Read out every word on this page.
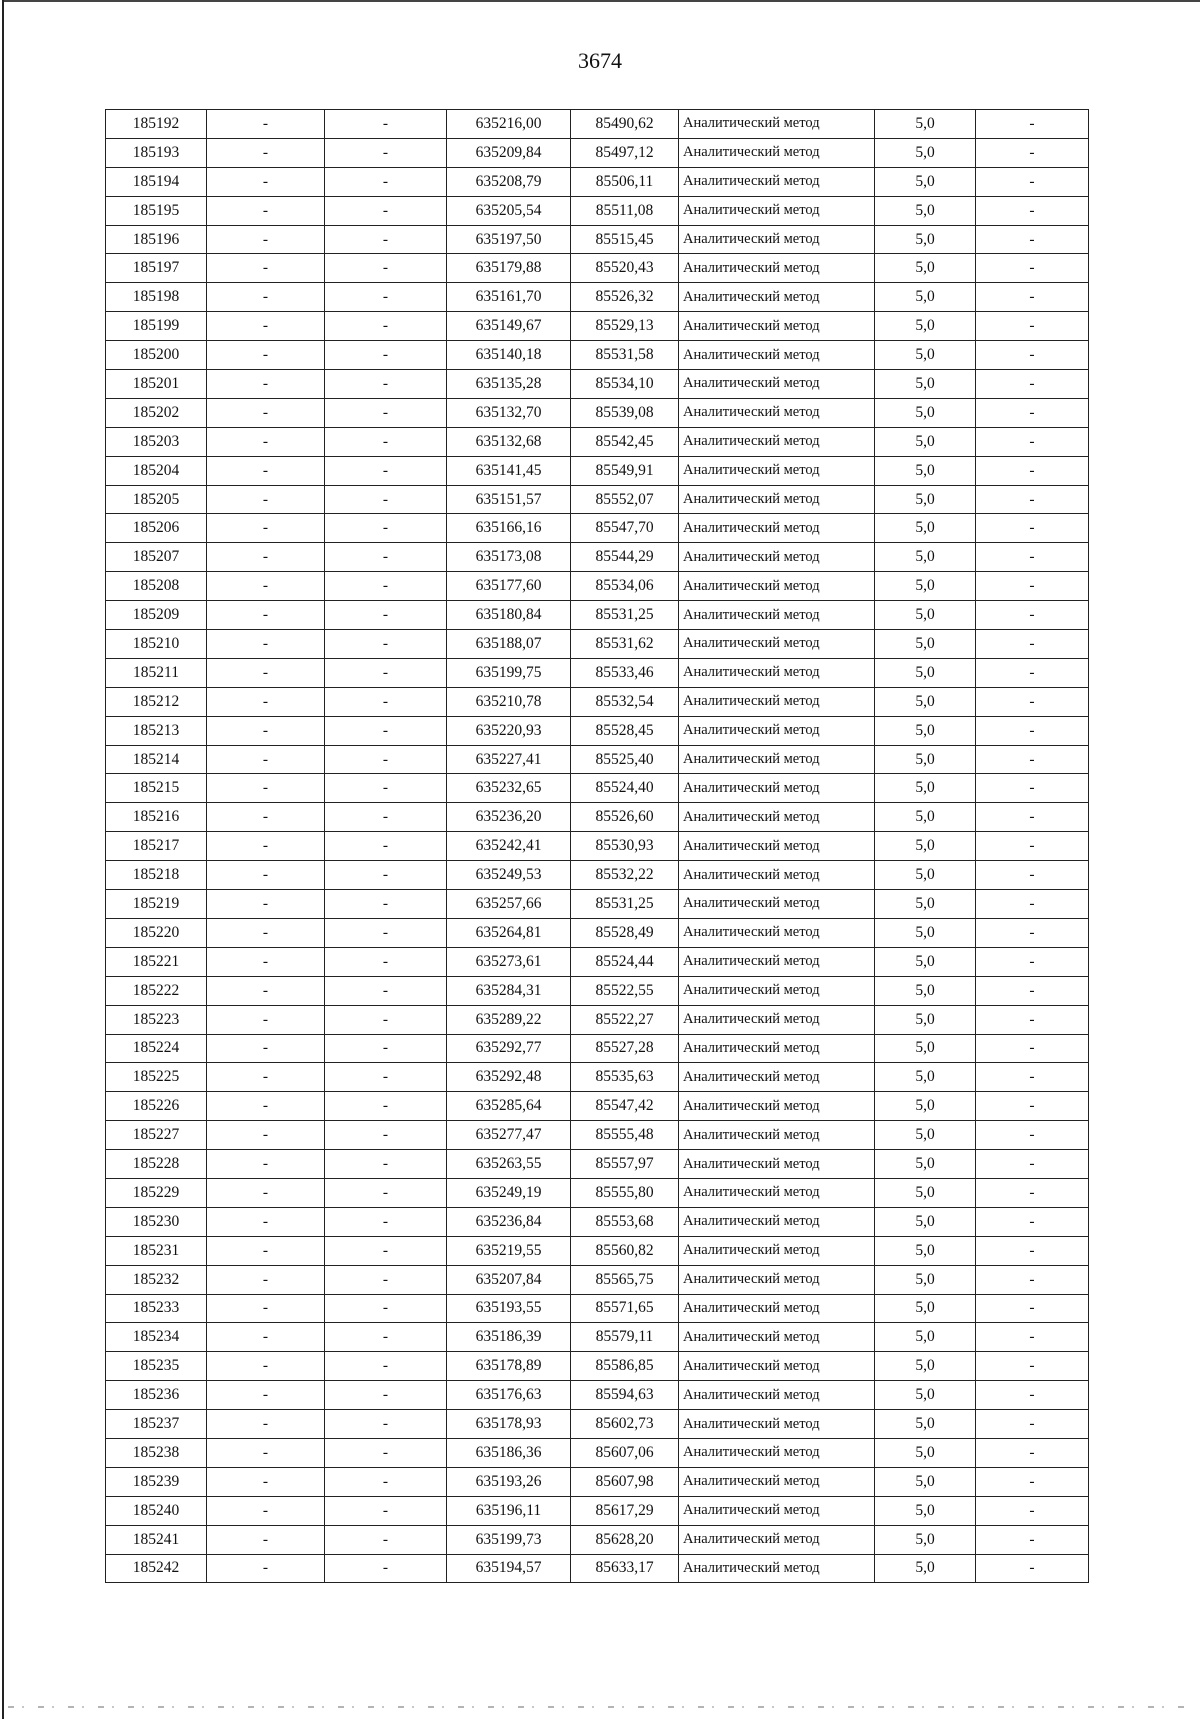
3674
185192	-	-	635216,00	85490,62	Аналитический метод	5,0	-
185193	-	-	635209,84	85497,12	Аналитический метод	5,0	-
185194	-	-	635208,79	85506,11	Аналитический метод	5,0	-
185195	-	-	635205,54	85511,08	Аналитический метод	5,0	-
185196	-	-	635197,50	85515,45	Аналитический метод	5,0	-
185197	-	-	635179,88	85520,43	Аналитический метод	5,0	-
185198	-	-	635161,70	85526,32	Аналитический метод	5,0	-
185199	-	-	635149,67	85529,13	Аналитический метод	5,0	-
185200	-	-	635140,18	85531,58	Аналитический метод	5,0	-
185201	-	-	635135,28	85534,10	Аналитический метод	5,0	-
185202	-	-	635132,70	85539,08	Аналитический метод	5,0	-
185203	-	-	635132,68	85542,45	Аналитический метод	5,0	-
185204	-	-	635141,45	85549,91	Аналитический метод	5,0	-
185205	-	-	635151,57	85552,07	Аналитический метод	5,0	-
185206	-	-	635166,16	85547,70	Аналитический метод	5,0	-
185207	-	-	635173,08	85544,29	Аналитический метод	5,0	-
185208	-	-	635177,60	85534,06	Аналитический метод	5,0	-
185209	-	-	635180,84	85531,25	Аналитический метод	5,0	-
185210	-	-	635188,07	85531,62	Аналитический метод	5,0	-
185211	-	-	635199,75	85533,46	Аналитический метод	5,0	-
185212	-	-	635210,78	85532,54	Аналитический метод	5,0	-
185213	-	-	635220,93	85528,45	Аналитический метод	5,0	-
185214	-	-	635227,41	85525,40	Аналитический метод	5,0	-
185215	-	-	635232,65	85524,40	Аналитический метод	5,0	-
185216	-	-	635236,20	85526,60	Аналитический метод	5,0	-
185217	-	-	635242,41	85530,93	Аналитический метод	5,0	-
185218	-	-	635249,53	85532,22	Аналитический метод	5,0	-
185219	-	-	635257,66	85531,25	Аналитический метод	5,0	-
185220	-	-	635264,81	85528,49	Аналитический метод	5,0	-
185221	-	-	635273,61	85524,44	Аналитический метод	5,0	-
185222	-	-	635284,31	85522,55	Аналитический метод	5,0	-
185223	-	-	635289,22	85522,27	Аналитический метод	5,0	-
185224	-	-	635292,77	85527,28	Аналитический метод	5,0	-
185225	-	-	635292,48	85535,63	Аналитический метод	5,0	-
185226	-	-	635285,64	85547,42	Аналитический метод	5,0	-
185227	-	-	635277,47	85555,48	Аналитический метод	5,0	-
185228	-	-	635263,55	85557,97	Аналитический метод	5,0	-
185229	-	-	635249,19	85555,80	Аналитический метод	5,0	-
185230	-	-	635236,84	85553,68	Аналитический метод	5,0	-
185231	-	-	635219,55	85560,82	Аналитический метод	5,0	-
185232	-	-	635207,84	85565,75	Аналитический метод	5,0	-
185233	-	-	635193,55	85571,65	Аналитический метод	5,0	-
185234	-	-	635186,39	85579,11	Аналитический метод	5,0	-
185235	-	-	635178,89	85586,85	Аналитический метод	5,0	-
185236	-	-	635176,63	85594,63	Аналитический метод	5,0	-
185237	-	-	635178,93	85602,73	Аналитический метод	5,0	-
185238	-	-	635186,36	85607,06	Аналитический метод	5,0	-
185239	-	-	635193,26	85607,98	Аналитический метод	5,0	-
185240	-	-	635196,11	85617,29	Аналитический метод	5,0	-
185241	-	-	635199,73	85628,20	Аналитический метод	5,0	-
185242	-	-	635194,57	85633,17	Аналитический метод	5,0	-
